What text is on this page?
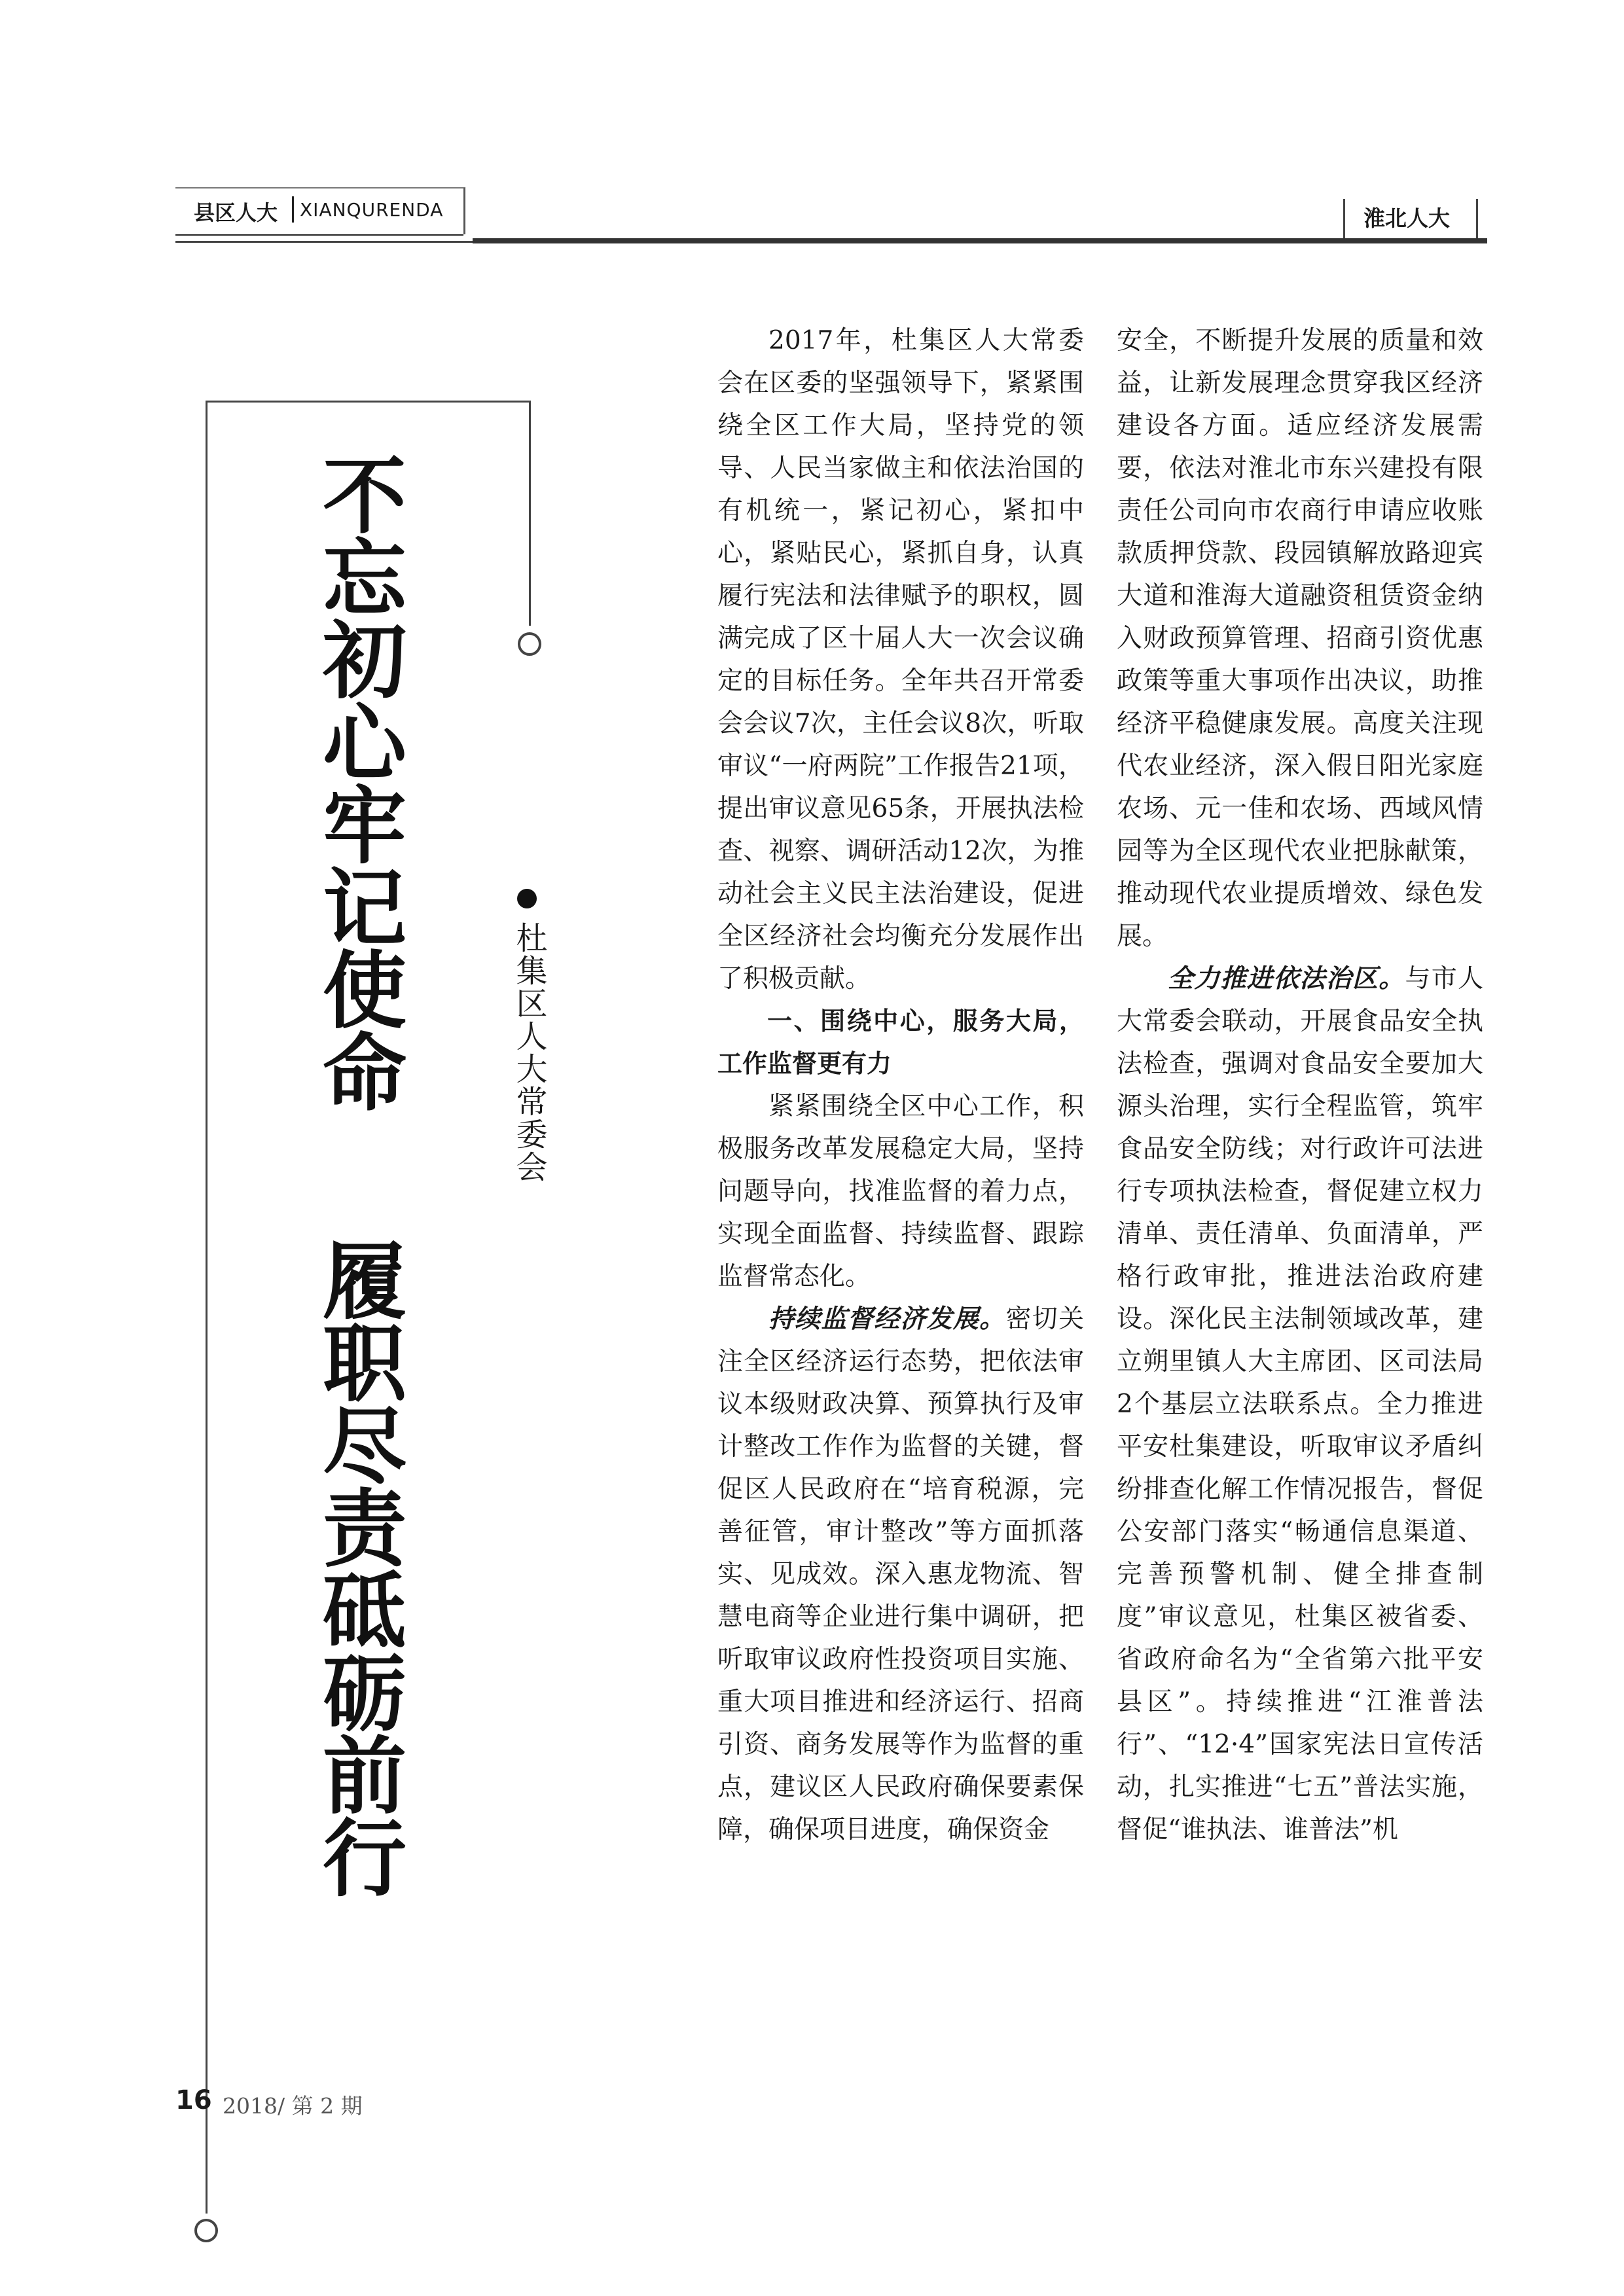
县区人大 XIANQURENDA	淮北人大
不忘初心牢记使命
履职尽责砥砺前行
杜集区人大常委会

2017年，杜集区人大常委会在区委的坚强领导下，紧紧围绕全区工作大局，坚持党的领导、人民当家做主和依法治国的有机统一，紧记初心，紧扣中心，紧贴民心，紧抓自身，认真履行宪法和法律赋予的职权，圆满完成了区十届人大一次会议确定的目标任务。全年共召开常委会会议7次，主任会议8次，听取审议“一府两院”工作报告21项，提出审议意见65条，开展执法检查、视察、调研活动12次，为推动社会主义民主法治建设，促进全区经济社会均衡充分发展作出了积极贡献。

一、围绕中心，服务大局，工作监督更有力

紧紧围绕全区中心工作，积极服务改革发展稳定大局，坚持问题导向，找准监督的着力点，实现全面监督、持续监督、跟踪监督常态化。

持续监督经济发展。密切关注全区经济运行态势，把依法审议本级财政决算、预算执行及审计整改工作作为监督的关键，督促区人民政府在“培育税源，完善征管，审计整改”等方面抓落实、见成效。深入惠龙物流、智慧电商等企业进行集中调研，把听取审议政府性投资项目实施、重大项目推进和经济运行、招商引资、商务发展等作为监督的重点，建议区人民政府确保要素保障，确保项目进度，确保资金

安全，不断提升发展的质量和效益，让新发展理念贯穿我区经济建设各方面。适应经济发展需要，依法对淮北市东兴建投有限责任公司向市农商行申请应收账款质押贷款、段园镇解放路迎宾大道和淮海大道融资租赁资金纳入财政预算管理、招商引资优惠政策等重大事项作出决议，助推经济平稳健康发展。高度关注现代农业经济，深入假日阳光家庭农场、元一佳和农场、西域风情园等为全区现代农业把脉献策，推动现代农业提质增效、绿色发展。

全力推进依法治区。与市人大常委会联动，开展食品安全执法检查，强调对食品安全要加大源头治理，实行全程监管，筑牢食品安全防线；对行政许可法进行专项执法检查，督促建立权力清单、责任清单、负面清单，严格行政审批，推进法治政府建设。深化民主法制领域改革，建立朔里镇人大主席团、区司法局2个基层立法联系点。全力推进平安杜集建设，听取审议矛盾纠纷排查化解工作情况报告，督促公安部门落实“畅通信息渠道、完善预警机制、健全排查制度”审议意见，杜集区被省委、省政府命名为“全省第六批平安县区”。持续推进“江淮普法行”、“12·4”国家宪法日宣传活动，扎实推进“七五”普法实施，督促“谁执法、谁普法”机

16 2018/ 第 2 期
